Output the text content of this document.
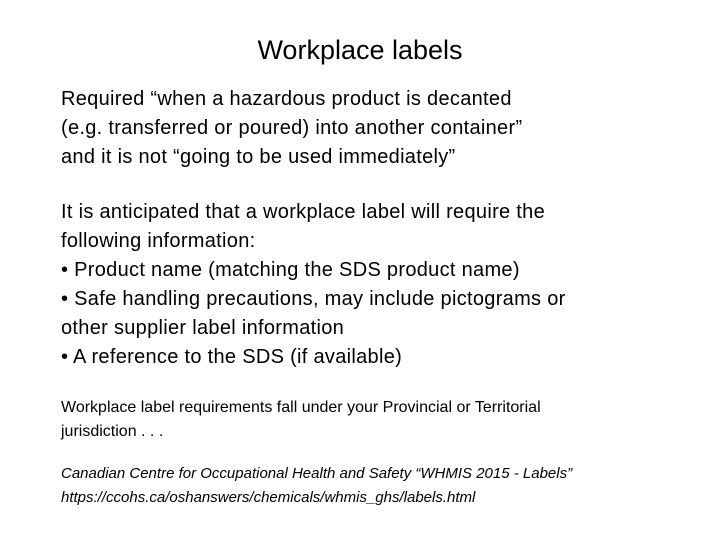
Workplace labels

Required “when a hazardous product is decanted
(e.g. transferred or poured) into another container”
and it is not “going to be used immediately”

It is anticipated that a workplace label will require the
following information:
• Product name (matching the SDS product name)
• Safe handling precautions, may include pictograms or
other supplier label information
• A reference to the SDS (if available)

Workplace label requirements fall under your Provincial or Territorial
jurisdiction . . .

Canadian Centre for Occupational Health and Safety “WHMIS 2015 - Labels”
https://ccohs.ca/oshanswers/chemicals/whmis_ghs/labels.html
